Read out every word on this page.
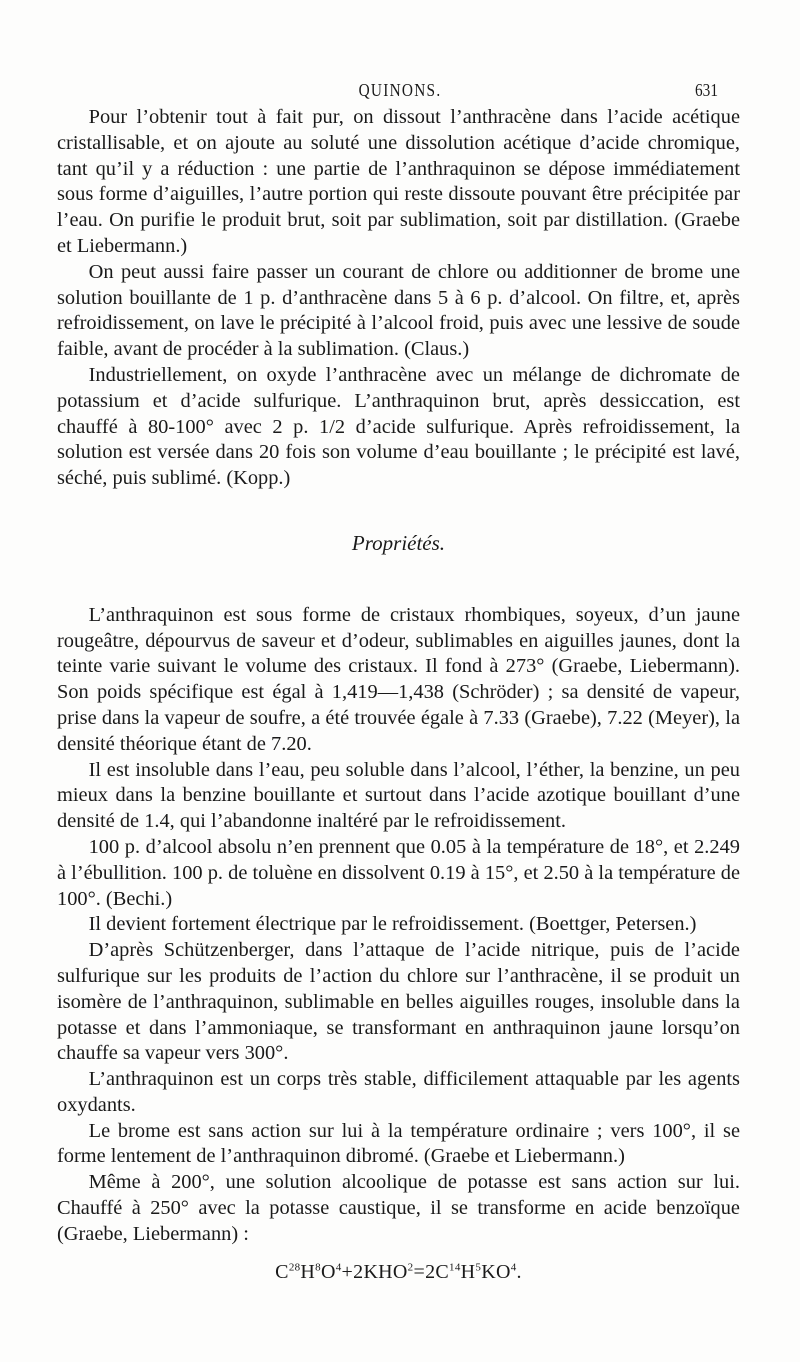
QUINONS.	631

Pour l’obtenir tout à fait pur, on dissout l’anthracène dans l’acide acétique cristallisable, et on ajoute au soluté une dissolution acétique d’acide chromique, tant qu’il y a réduction : une partie de l’anthraquinon se dépose immédiatement sous forme d’aiguilles, l’autre portion qui reste dissoute pouvant être précipitée par l’eau. On purifie le produit brut, soit par sublimation, soit par distillation. (Graebe et Liebermann.)

On peut aussi faire passer un courant de chlore ou additionner de brome une solution bouillante de 1 p. d’anthracène dans 5 à 6 p. d’alcool. On filtre, et, après refroidissement, on lave le précipité à l’alcool froid, puis avec une lessive de soude faible, avant de procéder à la sublimation. (Claus.)

Industriellement, on oxyde l’anthracène avec un mélange de dichromate de potassium et d’acide sulfurique. L’anthraquinon brut, après dessiccation, est chauffé à 80-100° avec 2 p. 1/2 d’acide sulfurique. Après refroidissement, la solution est versée dans 20 fois son volume d’eau bouillante ; le précipité est lavé, séché, puis sublimé. (Kopp.)

Propriétés.

L’anthraquinon est sous forme de cristaux rhombiques, soyeux, d’un jaune rougeâtre, dépourvus de saveur et d’odeur, sublimables en aiguilles jaunes, dont la teinte varie suivant le volume des cristaux. Il fond à 273° (Graebe, Liebermann). Son poids spécifique est égal à 1,419—1,438 (Schröder) ; sa densité de vapeur, prise dans la vapeur de soufre, a été trouvée égale à 7.33 (Graebe), 7.22 (Meyer), la densité théorique étant de 7.20.

Il est insoluble dans l’eau, peu soluble dans l’alcool, l’éther, la benzine, un peu mieux dans la benzine bouillante et surtout dans l’acide azotique bouillant d’une densité de 1.4, qui l’abandonne inaltéré par le refroidissement.

100 p. d’alcool absolu n’en prennent que 0.05 à la température de 18°, et 2.249 à l’ébullition. 100 p. de toluène en dissolvent 0.19 à 15°, et 2.50 à la température de 100°. (Bechi.)

Il devient fortement électrique par le refroidissement. (Boettger, Petersen.)

D’après Schützenberger, dans l’attaque de l’acide nitrique, puis de l’acide sulfurique sur les produits de l’action du chlore sur l’anthracène, il se produit un isomère de l’anthraquinon, sublimable en belles aiguilles rouges, insoluble dans la potasse et dans l’ammoniaque, se transformant en anthraquinon jaune lorsqu’on chauffe sa vapeur vers 300°.

L’anthraquinon est un corps très stable, difficilement attaquable par les agents oxydants.

Le brome est sans action sur lui à la température ordinaire ; vers 100°, il se forme lentement de l’anthraquinon dibromé. (Graebe et Liebermann.)

Même à 200°, une solution alcoolique de potasse est sans action sur lui. Chauffé à 250° avec la potasse caustique, il se transforme en acide benzoïque (Graebe, Liebermann) :

$C^{28}H^8O^4+2KHO^2=2C^{14}H^5KO^4$.
